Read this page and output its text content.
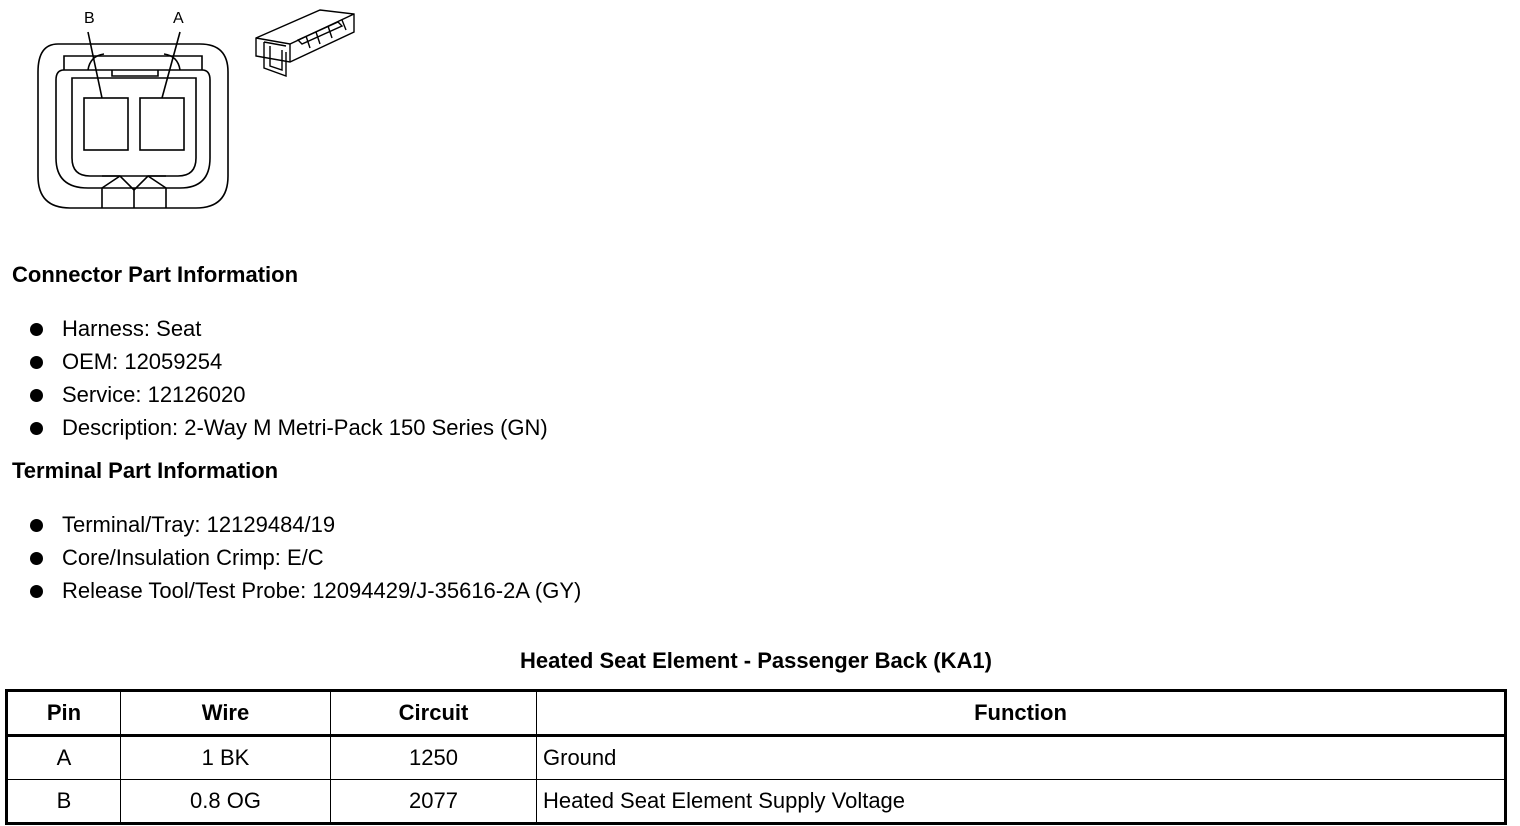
B	A
Connector Part Information
Harness: Seat
OEM: 12059254
Service: 12126020
Description: 2-Way M Metri-Pack 150 Series (GN)
Terminal Part Information
Terminal/Tray: 12129484/19
Core/Insulation Crimp: E/C
Release Tool/Test Probe: 12094429/J-35616-2A (GY)
Heated Seat Element - Passenger Back (KA1)
Pin	Wire	Circuit	Function
A	1 BK	1250	Ground
B	0.8 OG	2077	Heated Seat Element Supply Voltage
